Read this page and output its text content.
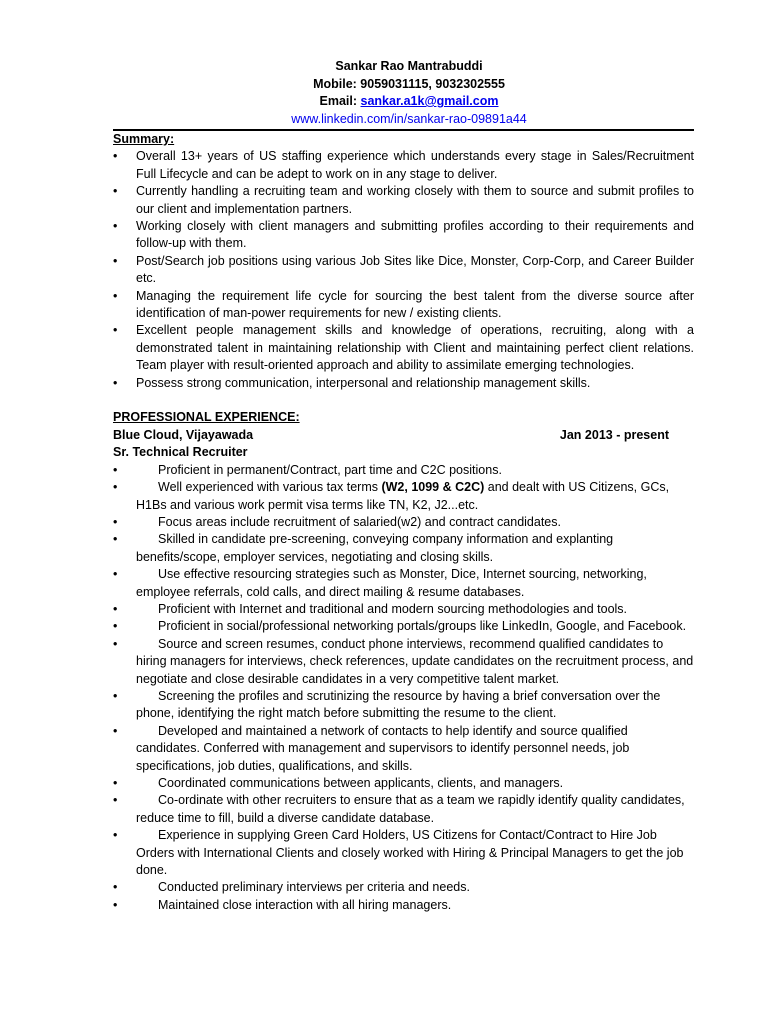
Sankar Rao Mantrabuddi
Mobile: 9059031115, 9032302555
Email: sankar.a1k@gmail.com
www.linkedin.com/in/sankar-rao-09891a44
Summary:
• Overall 13+ years of US staffing experience which understands every stage in Sales/Recruitment Full Lifecycle and can be adept to work on in any stage to deliver.
• Currently handling a recruiting team and working closely with them to source and submit profiles to our client and implementation partners.
• Working closely with client managers and submitting profiles according to their requirements and follow-up with them.
• Post/Search job positions using various Job Sites like Dice, Monster, Corp-Corp, and Career Builder etc.
• Managing the requirement life cycle for sourcing the best talent from the diverse source after identification of man-power requirements for new / existing clients.
• Excellent people management skills and knowledge of operations, recruiting, along with a demonstrated talent in maintaining relationship with Client and maintaining perfect client relations. Team player with result-oriented approach and ability to assimilate emerging technologies.
• Possess strong communication, interpersonal and relationship management skills.
PROFESSIONAL EXPERIENCE:
Blue Cloud, Vijayawada	Jan 2013 - present
Sr. Technical Recruiter
•	Proficient in permanent/Contract, part time and C2C positions.
•	Well experienced with various tax terms (W2, 1099 & C2C) and dealt with US Citizens, GCs, H1Bs and various work permit visa terms like TN, K2, J2...etc.
•	Focus areas include recruitment of salaried(w2) and contract candidates.
•	Skilled in candidate pre-screening, conveying company information and explanting benefits/scope, employer services, negotiating and closing skills.
•	Use effective resourcing strategies such as Monster, Dice, Internet sourcing, networking, employee referrals, cold calls, and direct mailing & resume databases.
•	Proficient with Internet and traditional and modern sourcing methodologies and tools.
•	Proficient in social/professional networking portals/groups like LinkedIn, Google, and Facebook.
•	Source and screen resumes, conduct phone interviews, recommend qualified candidates to hiring managers for interviews, check references, update candidates on the recruitment process, and negotiate and close desirable candidates in a very competitive talent market.
•	Screening the profiles and scrutinizing the resource by having a brief conversation over the phone, identifying the right match before submitting the resume to the client.
•	Developed and maintained a network of contacts to help identify and source qualified candidates. Conferred with management and supervisors to identify personnel needs, job specifications, job duties, qualifications, and skills.
•	Coordinated communications between applicants, clients, and managers.
•	Co-ordinate with other recruiters to ensure that as a team we rapidly identify quality candidates, reduce time to fill, build a diverse candidate database.
•	Experience in supplying Green Card Holders, US Citizens for Contact/Contract to Hire Job Orders with International Clients and closely worked with Hiring & Principal Managers to get the job done.
•	Conducted preliminary interviews per criteria and needs.
•	Maintained close interaction with all hiring managers.
